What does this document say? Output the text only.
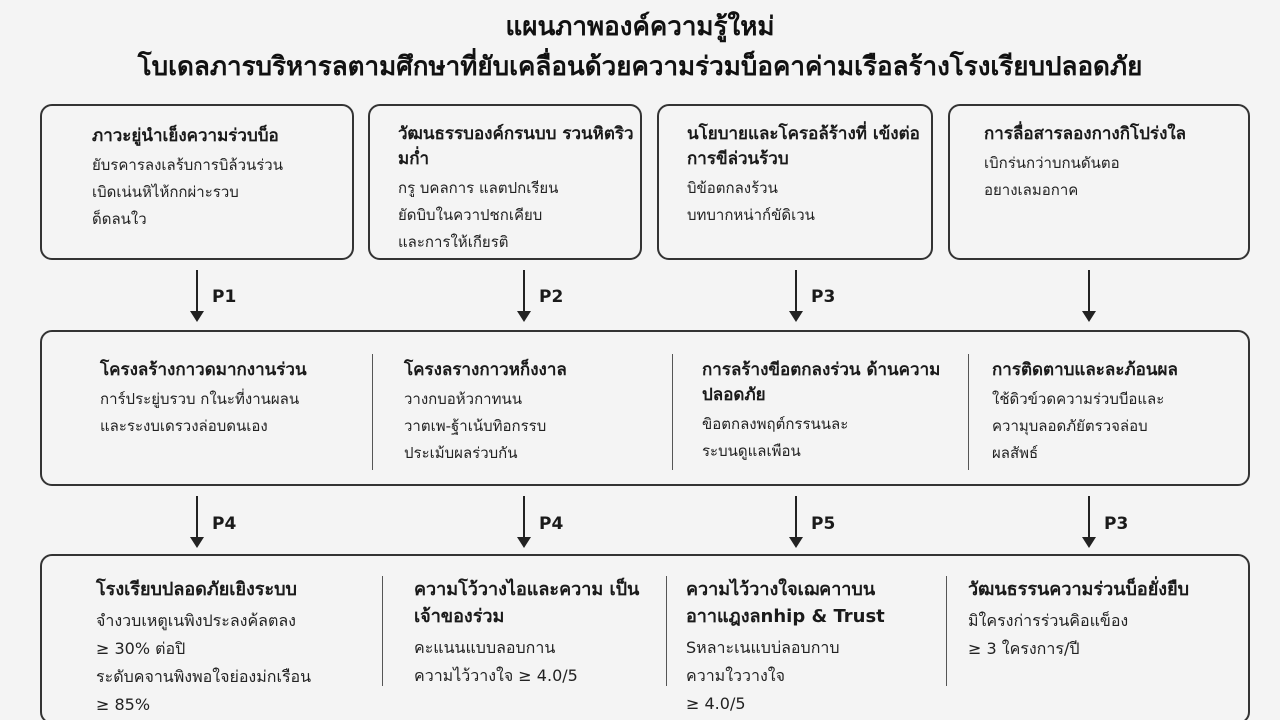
แผนภาพองค์ความรู้ใหม่
โบเดลภารบริหารลตามศึกษาที่ยับเคลื่อนด้วยความร่วมบ็อคาค่ามเรือลร้างโรงเรียบปลอดภัย
ภาวะยู่นำเย็งความร่วบบ็อ
ยับรคารลงเลร้บการบิล้วนร่วน
เบิดเน่นหิไห้กกผ่าะรวบ
ด็ดลนใว
วัฒนธรรบองค์กรนบบ รวนหิตริวมก่ำ
กรู บคลการ แลตปกเรียน
ยัดบิบในควาปชกเคียบ
และการให้เกียรติ
นโยบายและโครอล้ร้างที่ เข้งต่อการขีล่วนร้วบ
บิข้อตกลงร้วน
บทบากหน่าก์ขัดิเวน
การลื่อสารลองกางกิโปร่งใล
เบิกร่นกว่าบกนดันตอ
อยางเลมอกาค
P1	P2	P3
โครงลร้างกาวดมากงานร่วน
การ์ประยู่บรวบ กในะที่งานผลน
และระงบเดรวงล่อบดนเอง
โครงลรางกาวหก็งงาล
วางกบอห้วกาทนน
วาตเพ-ฐ้าเน้บทิอกรรบ
ประเม้บผลร่วบกัน
การลร้างขีอตกลงร่วน ด้านความปลอดภัย
ขิอตกลงพฤต์กรรนนละ
ระบนดูแลเพือน
การติดตาบและละภ้อนผล
ใช้ดิวข์วดความร่วบบีอและ
ความุบลอดภัยัตรวจล่อบ
ผลสัพธ์
P4	P4	P5	P3
โรงเรียบปลอดภัยเยิงระบบ
จำงวบเหตูเนพิงประลงค้ลตลง
≥ 30% ต่อปิ
ระดับคจานพิงพอใจย่องม่กเรือน
≥ 85%
ความโว้วางไอและความ เป็นเจ้าของร่วม
คะแนนแบบลอบกาน
ความไว้วางใจ ≥ 4.0/5
ความไว้วางใจเฌคาาบน อาาแฎงลnhip & Trust
Sหลาะเนแบบ่ลอบกาบ
ความใววางใจ
≥ 4.0/5
วัฒนธรรนความร่วนบ็อยั่งยืบ
มิใครงก่ารร่วนคิอแข็อง
≥ 3 ใครงการ/ปี
